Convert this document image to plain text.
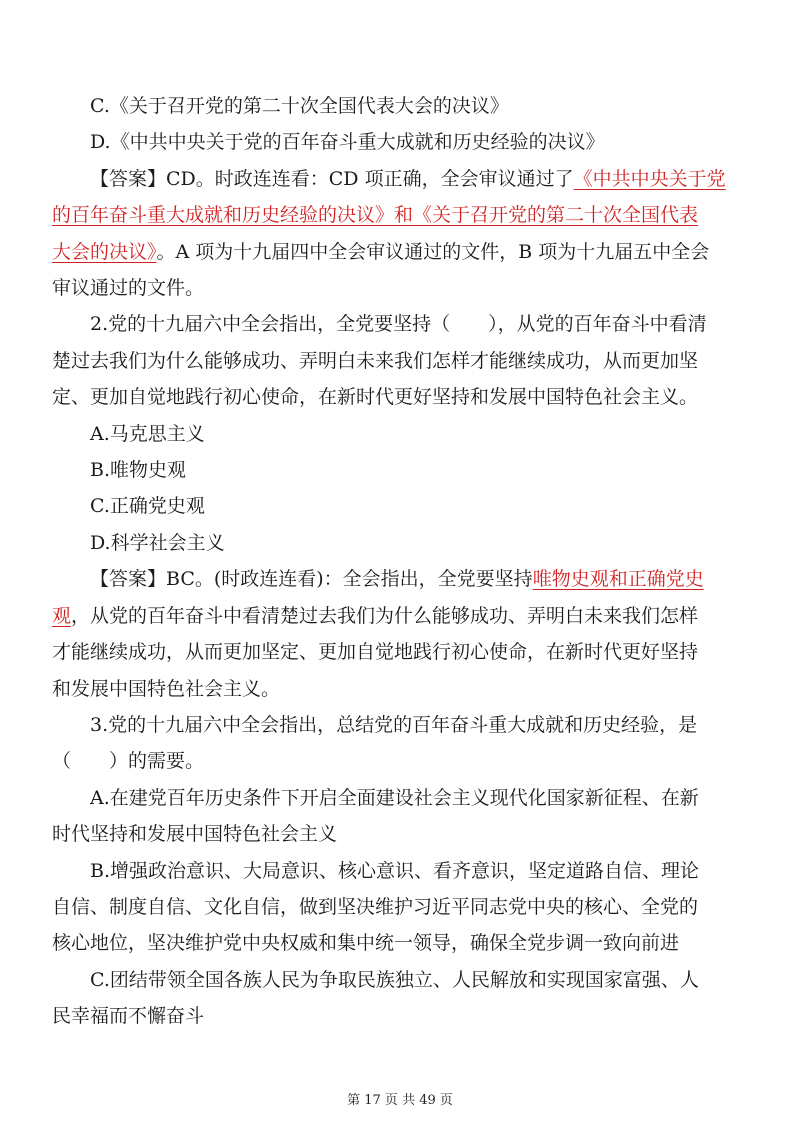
C.《关于召开党的第二十次全国代表大会的决议》
D.《中共中央关于党的百年奋斗重大成就和历史经验的决议》
【答案】CD。时政连连看：CD 项正确，全会审议通过了《中共中央关于党
的百年奋斗重大成就和历史经验的决议》和《关于召开党的第二十次全国代表
大会的决议》。A 项为十九届四中全会审议通过的文件，B 项为十九届五中全会
审议通过的文件。
2.党的十九届六中全会指出，全党要坚持（　　），从党的百年奋斗中看清
楚过去我们为什么能够成功、弄明白未来我们怎样才能继续成功，从而更加坚
定、更加自觉地践行初心使命，在新时代更好坚持和发展中国特色社会主义。
A.马克思主义
B.唯物史观
C.正确党史观
D.科学社会主义
【答案】BC。(时政连连看)：全会指出，全党要坚持唯物史观和正确党史
观，从党的百年奋斗中看清楚过去我们为什么能够成功、弄明白未来我们怎样
才能继续成功，从而更加坚定、更加自觉地践行初心使命，在新时代更好坚持
和发展中国特色社会主义。
3.党的十九届六中全会指出，总结党的百年奋斗重大成就和历史经验，是
（　　）的需要。
A.在建党百年历史条件下开启全面建设社会主义现代化国家新征程、在新
时代坚持和发展中国特色社会主义
B.增强政治意识、大局意识、核心意识、看齐意识，坚定道路自信、理论
自信、制度自信、文化自信，做到坚决维护习近平同志党中央的核心、全党的
核心地位，坚决维护党中央权威和集中统一领导，确保全党步调一致向前进
C.团结带领全国各族人民为争取民族独立、人民解放和实现国家富强、人
民幸福而不懈奋斗
第 17 页 共 49 页
